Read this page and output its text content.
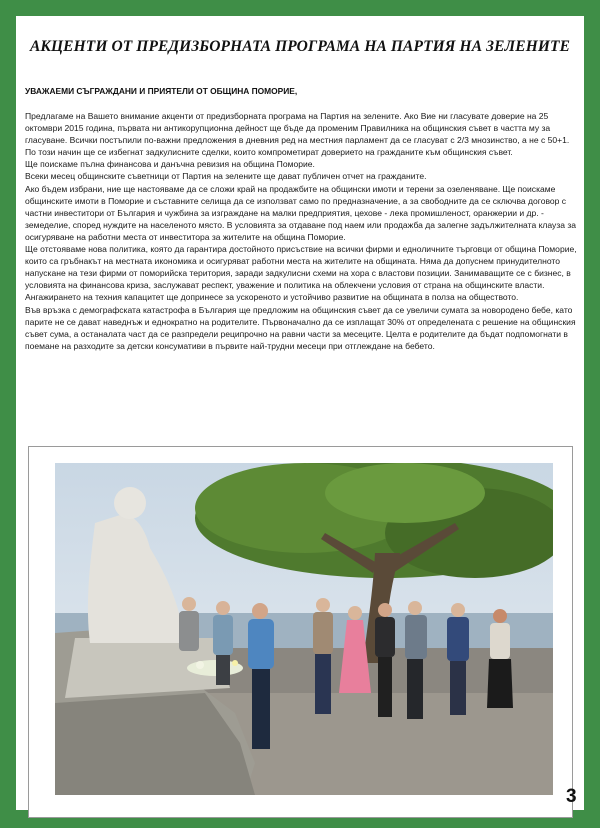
АКЦЕНТИ ОТ ПРЕДИЗБОРНАТА ПРОГРАМА НА ПАРТИЯ НА ЗЕЛЕНИТЕ
УВАЖАЕМИ СЪГРАЖДАНИ И ПРИЯТЕЛИ ОТ ОБЩИНА ПОМОРИЕ,

Предлагаме на Вашето внимание акценти от предизборната програма на Партия на зелените. Ако Вие ни гласувате доверие на 25 октомври 2015 година, първата ни антикорупционна дейност ще бъде да променим Правилника на общинския съвет в частта му за гласуване. Всички постъпили по-важни предложения в дневния ред на местния парламент да се гласуват с 2/3 мнозинство, а не с 50+1. По този начин ще се избегнат задкулисните сделки, които компрометират доверието на гражданите към общинския съвет.

Ще поискаме пълна финансова и данъчна ревизия на община Поморие.

Всеки месец общинските съветници от Партия на зелените ще дават публичен отчет на гражданите.

Ако бъдем избрани, ние ще настояваме да се сложи край на продажбите на общински имоти и терени за озеленяване. Ще поискаме общинските имоти в Поморие и съставните селища да се използват само по предназначение, а за свободните да се сключва договор с частни инвеститори от България и чужбина за изграждане на малки предприятия, цехове - лека промишленост, оранжерии и др. - земеделие, според нуждите на населеното място. В условията за отдаване под наем или продажба да залегне задължителната клауза за осигуряване на работни места от инвеститора за жителите на община Поморие.

Ще отстояваме нова политика, която да гарантира достойното присъствие на всички фирми и едноличните търговци от община Поморие, които са гръбнакът на местната икономика и осигуряват работни места на жителите на общината. Няма да допуснем принудителното напускане на тези фирми от поморийска територия, заради задкулисни схеми на хора с властови позиции. Занимаващите се с бизнес, в условията на финансова криза, заслужават респект, уважение и политика на облекчени условия от страна на общинските власти. Ангажирането на техния капацитет ще допринесе за ускореното и устойчиво развитие на общината в полза на обществото.

Във връзка с демографската катастрофа в България ще предложим на общинския съвет да се увеличи сумата за новородено бебе, като парите не се дават наведнъж и еднократно на родителите. Първоначално да се изплащат 30% от определената с решение на общинския съвет сума, а останалата част да се разпредели реципрочно на равни части за месеците. Целта е родителите да бъдат подпомогнати в поемане на разходите за детски консумативи в първите най-трудни месеци при отглеждане на бебето.

3
